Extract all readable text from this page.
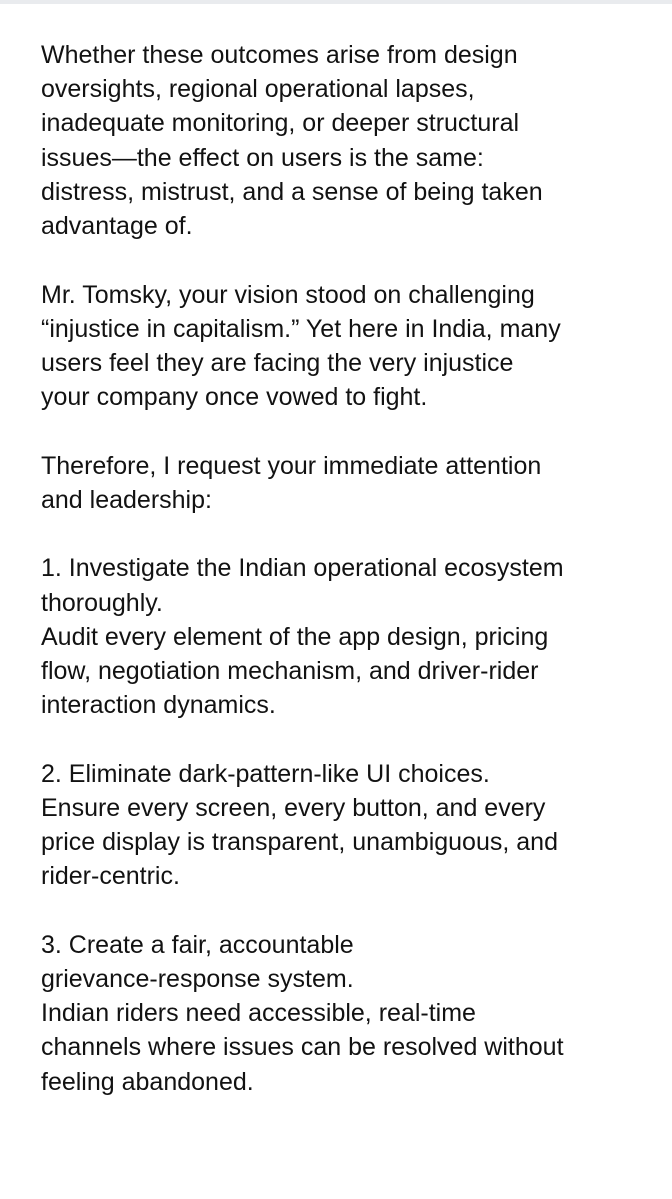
Whether these outcomes arise from design
oversights, regional operational lapses,
inadequate monitoring, or deeper structural
issues—the effect on users is the same:
distress, mistrust, and a sense of being taken
advantage of.
Mr. Tomsky, your vision stood on challenging
“injustice in capitalism.” Yet here in India, many
users feel they are facing the very injustice
your company once vowed to fight.
Therefore, I request your immediate attention
and leadership:
1. Investigate the Indian operational ecosystem
thoroughly.
Audit every element of the app design, pricing
flow, negotiation mechanism, and driver-rider
interaction dynamics.
2. Eliminate dark-pattern-like UI choices.
Ensure every screen, every button, and every
price display is transparent, unambiguous, and
rider-centric.
3. Create a fair, accountable
grievance-response system.
Indian riders need accessible, real-time
channels where issues can be resolved without
feeling abandoned.
